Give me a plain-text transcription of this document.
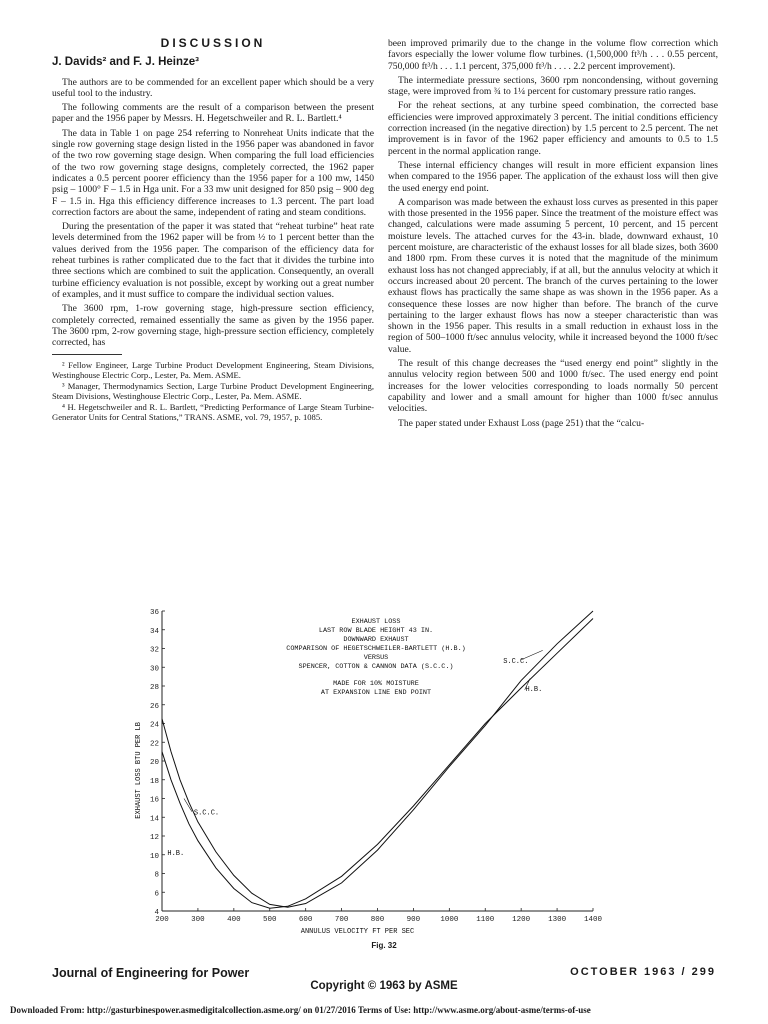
DISCUSSION
J. Davids² and F. J. Heinze³

The authors are to be commended for an excellent paper which should be a very useful tool to the industry.

The following comments are the result of a comparison between the present paper and the 1956 paper by Messrs. H. Hegetschweiler and R. L. Bartlett.⁴

The data in Table 1 on page 254 referring to Nonreheat Units indicate that the single row governing stage design listed in the 1956 paper was abandoned in favor of the two row governing stage design. When comparing the full load efficiencies of the two row governing stage designs, completely corrected, the 1962 paper indicates a 0.5 percent poorer efficiency than the 1956 paper for a 100 mw, 1450 psig – 1000° F – 1.5 in Hga unit. For a 33 mw unit designed for 850 psig – 900 deg F – 1.5 in. Hga this efficiency difference increases to 1.3 percent. The part load correction factors are about the same, independent of rating and steam conditions.

During the presentation of the paper it was stated that “reheat turbine” heat rate levels determined from the 1962 paper will be from ½ to 1 percent better than the values derived from the 1956 paper. The comparison of the efficiency data for reheat turbines is rather complicated due to the fact that it divides the turbine into three sections which are combined to suit the application. Consequently, an overall turbine efficiency evaluation is not possible, except by working out a great number of examples, and it must suffice to compare the individual section values.

The 3600 rpm, 1-row governing stage, high-pressure section efficiency, completely corrected, remained essentially the same as given by the 1956 paper. The 3600 rpm, 2-row governing stage, high-pressure section efficiency, completely corrected, has

² Fellow Engineer, Large Turbine Product Development Engineering, Steam Divisions, Westinghouse Electric Corp., Lester, Pa. Mem. ASME.
³ Manager, Thermodynamics Section, Large Turbine Product Development Engineering, Steam Divisions, Westinghouse Electric Corp., Lester, Pa. Mem. ASME.
⁴ H. Hegetschweiler and R. L. Bartlett, “Predicting Performance of Large Steam Turbine-Generator Units for Central Stations,” TRANS. ASME, vol. 79, 1957, p. 1085.

been improved primarily due to the change in the volume flow correction which favors especially the lower volume flow turbines. (1,500,000 ft³/h . . . 0.55 percent, 750,000 ft³/h . . . 1.1 percent, 375,000 ft³/h . . . . 2.2 percent improvement).

The intermediate pressure sections, 3600 rpm noncondensing, without governing stage, were improved from ¾ to 1¼ percent for customary pressure ratio ranges.

For the reheat sections, at any turbine speed combination, the corrected base efficiencies were improved approximately 3 percent. The initial conditions efficiency correction increased (in the negative direction) by 1.5 percent to 2.5 percent. The net improvement is in favor of the 1962 paper efficiency and amounts to 0.5 to 1.5 percent in the normal application range.

These internal efficiency changes will result in more efficient expansion lines when compared to the 1956 paper. The application of the exhaust loss will then give the used energy end point.

A comparison was made between the exhaust loss curves as presented in this paper with those presented in the 1956 paper. Since the treatment of the moisture effect was changed, calculations were made assuming 5 percent, 10 percent, and 15 percent moisture levels. The attached curves for the 43-in. blade, downward exhaust, 10 percent moisture, are characteristic of the exhaust losses for all blade sizes, both 3600 and 1800 rpm. From these curves it is noted that the magnitude of the minimum exhaust loss has not changed appreciably, if at all, but the annulus velocity at which it occurs increased about 20 percent. The branch of the curves pertaining to the lower exhaust flows has practically the same shape as was shown in the 1956 paper. As a consequence these losses are now higher than before. The branch of the curve pertaining to the larger exhaust flows has now a steeper characteristic than was shown in the 1956 paper. This results in a small reduction in exhaust loss in the region of 500–1000 ft/sec annulus velocity, while it increased beyond the 1000 ft/sec value.

The result of this change decreases the “used energy end point” slightly in the annulus velocity region between 500 and 1000 ft/sec. The used energy end point increases for the lower velocities corresponding to loads normally 50 percent capability and lower and a small amount for higher than 1000 ft/sec annulus velocities.

The paper stated under Exhaust Loss (page 251) that the “calcu-

200	300	400	500	600	700	800	900	1000 1100 1200 1300 1400
4
6
8
10
12
14
16
18
20
22
24
26
28
30
32
34
36
S.C.C.
H.B.
S.C.C.
H.B.
EXHAUST LOSS
LAST ROW BLADE HEIGHT 43 IN.
DOWNWARD EXHAUST
COMPARISON OF HEGETSCHWEILER-BARTLETT (H.B.)
VERSUS
SPENCER, COTTON & CANNON DATA (S.C.C.)
MADE FOR 10% MOISTURE
AT EXPANSION LINE END POINT
ANNULUS VELOCITY FT PER SEC
EXHAUST LOSS BTU PER LB
Fig. 32
Journal of Engineering for Power	OCTOBER 1963 / 299
Copyright © 1963 by ASME
Downloaded From: http://gasturbinespower.asmedigitalcollection.asme.org/ on 01/27/2016 Terms of Use: http://www.asme.org/about-asme/terms-of-use
